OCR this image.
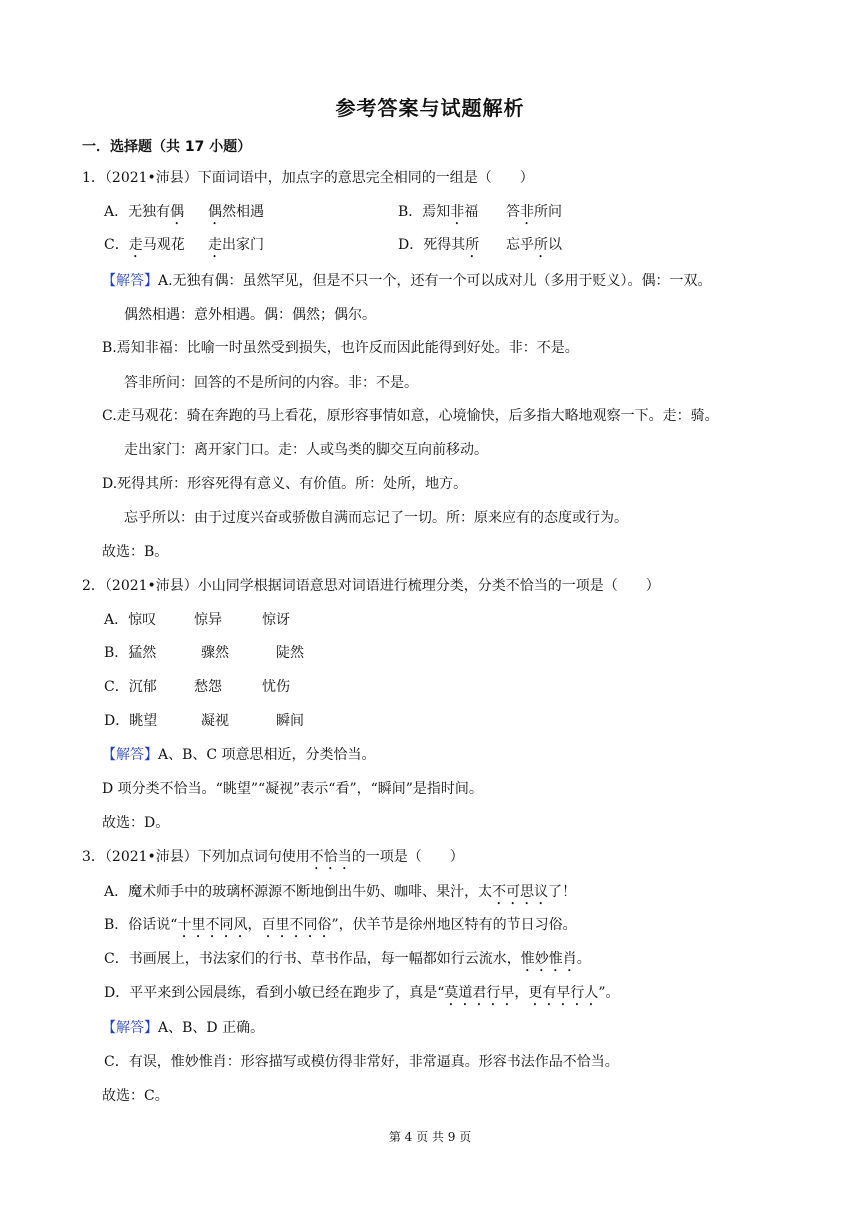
参考答案与试题解析
一．选择题（共 17 小题）
1．（2021•沛县）下面词语中，加点字的意思完全相同的一组是（　　）
A．无独有偶 偶然相遇	B．焉知非福 答非所问
C．走马观花 走出家门	D．死得其所 忘乎所以
【解答】A.无独有偶：虽然罕见，但是不只一个，还有一个可以成对儿（多用于贬义）。偶：一双。
偶然相遇：意外相遇。偶：偶然；偶尔。
B.焉知非福：比喻一时虽然受到损失，也许反而因此能得到好处。非：不是。
答非所问：回答的不是所问的内容。非：不是。
C.走马观花：骑在奔跑的马上看花，原形容事情如意，心境愉快，后多指大略地观察一下。走：骑。
走出家门：离开家门口。走：人或鸟类的脚交互向前移动。
D.死得其所：形容死得有意义、有价值。所：处所，地方。
忘乎所以：由于过度兴奋或骄傲自满而忘记了一切。所：原来应有的态度或行为。
故选：B。
2．（2021•沛县）小山同学根据词语意思对词语进行梳理分类，分类不恰当的一项是（　　）
A．惊叹	惊异	惊讶
B．猛然	骤然	陡然
C．沉郁	愁怨	忧伤
D．眺望	凝视	瞬间
【解答】A、B、C 项意思相近，分类恰当。
D 项分类不恰当。“眺望”“凝视”表示“看”，“瞬间”是指时间。
故选：D。
3．（2021•沛县）下列加点词句使用不恰当的一项是（　　）
A．魔术师手中的玻璃杯源源不断地倒出牛奶、咖啡、果汁，太不可思议了！
B．俗话说“十里不同风，百里不同俗”，伏羊节是徐州地区特有的节日习俗。
C．书画展上，书法家们的行书、草书作品，每一幅都如行云流水，惟妙惟肖。
D．平平来到公园晨练，看到小敏已经在跑步了，真是“莫道君行早，更有早行人”。
【解答】A、B、D 正确。
C．有误，惟妙惟肖：形容描写或模仿得非常好，非常逼真。形容书法作品不恰当。
故选：C。
第 4 页 共 9 页
